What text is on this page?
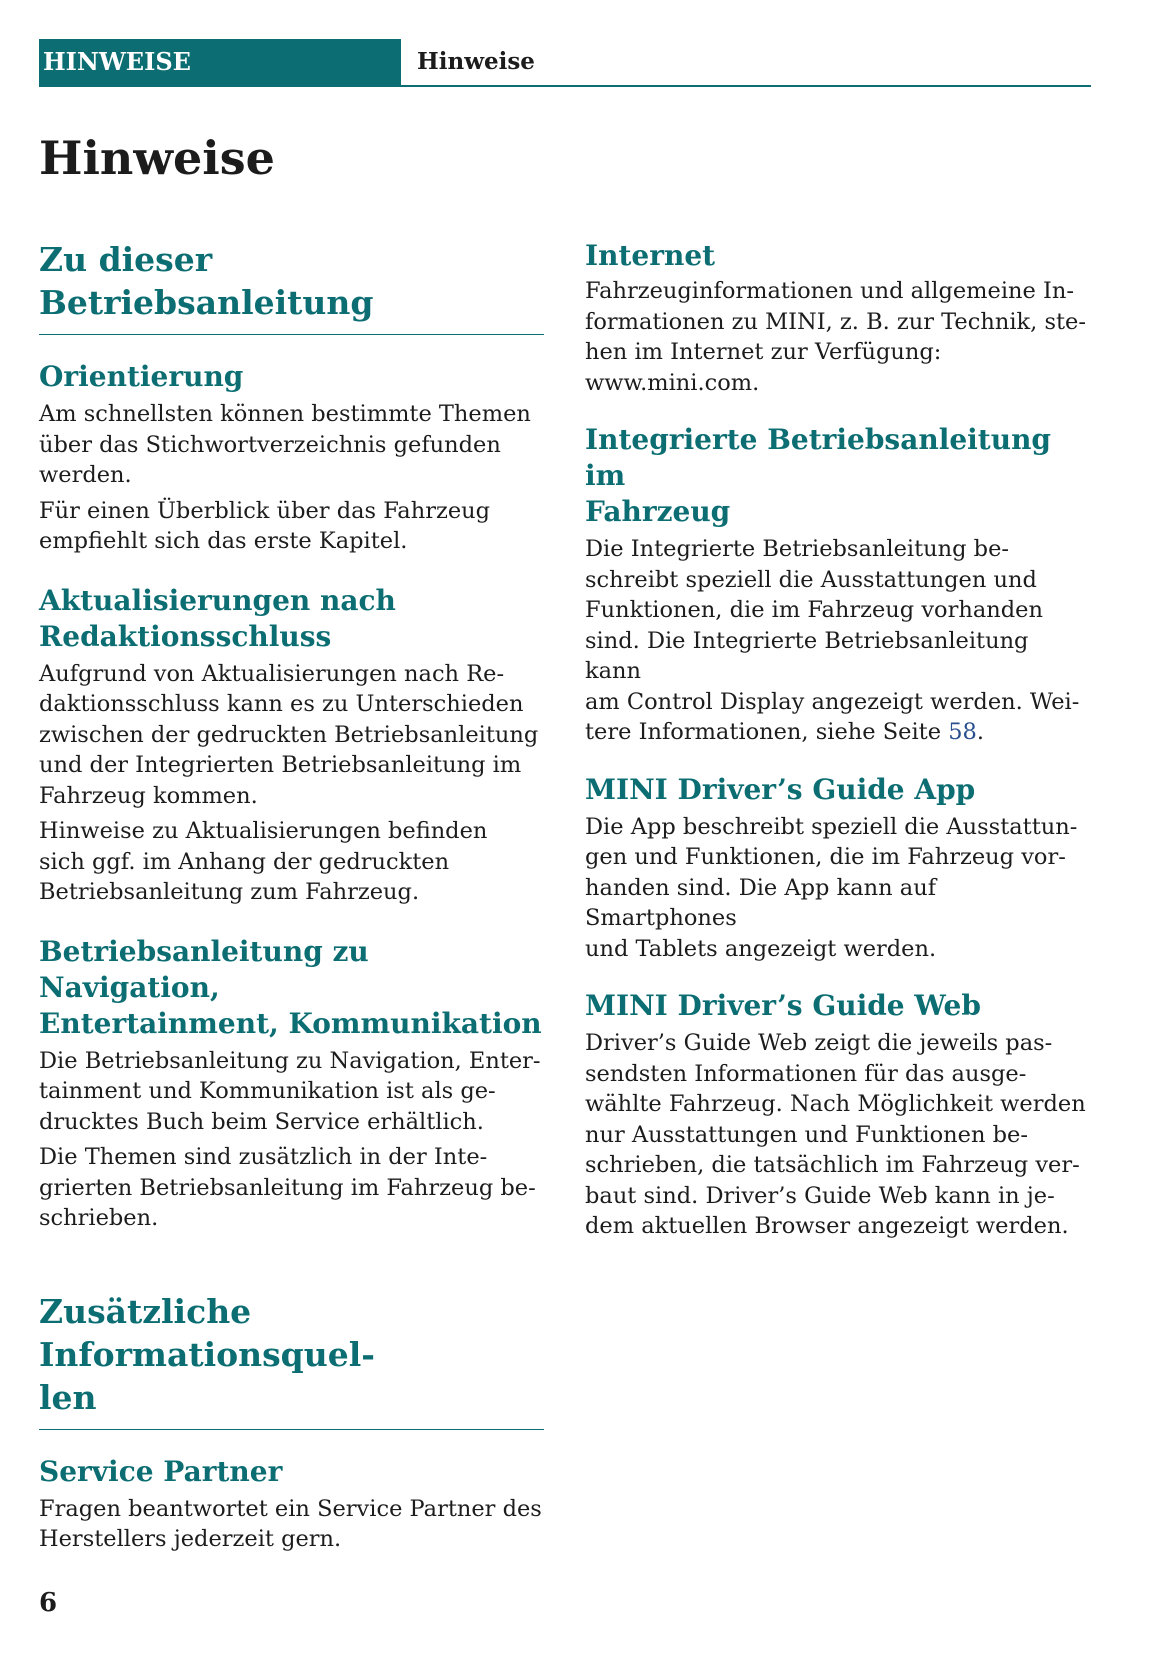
HINWEISE	Hinweise
Hinweise
Zu dieser Betriebsanleitung
Orientierung

Am schnellsten können bestimmte Themen
über das Stichwortverzeichnis gefunden
werden.

Für einen Überblick über das Fahrzeug
empfiehlt sich das erste Kapitel.

Aktualisierungen nach
Redaktionsschluss

Aufgrund von Aktualisierungen nach Re-
daktionsschluss kann es zu Unterschieden
zwischen der gedruckten Betriebsanleitung
und der Integrierten Betriebsanleitung im
Fahrzeug kommen.

Hinweise zu Aktualisierungen befinden
sich ggf. im Anhang der gedruckten
Betriebsanleitung zum Fahrzeug.

Betriebsanleitung zu Navigation,
Entertainment, Kommunikation

Die Betriebsanleitung zu Navigation, Enter-
tainment und Kommunikation ist als ge-
drucktes Buch beim Service erhältlich.

Die Themen sind zusätzlich in der Inte-
grierten Betriebsanleitung im Fahrzeug be-
schrieben.

Zusätzliche Informationsquel-
len
Service Partner

Fragen beantwortet ein Service Partner des
Herstellers jederzeit gern.

Internet

Fahrzeuginformationen und allgemeine In-
formationen zu MINI, z. B. zur Technik, ste-
hen im Internet zur Verfügung:
www.mini.com.

Integrierte Betriebsanleitung im
Fahrzeug

Die Integrierte Betriebsanleitung be-
schreibt speziell die Ausstattungen und
Funktionen, die im Fahrzeug vorhanden
sind. Die Integrierte Betriebsanleitung kann
am Control Display angezeigt werden. Wei-
tere Informationen, siehe Seite 58.

MINI Driver’s Guide App

Die App beschreibt speziell die Ausstattun-
gen und Funktionen, die im Fahrzeug vor-
handen sind. Die App kann auf Smartphones
und Tablets angezeigt werden.

MINI Driver’s Guide Web

Driver’s Guide Web zeigt die jeweils pas-
sendsten Informationen für das ausge-
wählte Fahrzeug. Nach Möglichkeit werden
nur Ausstattungen und Funktionen be-
schrieben, die tatsächlich im Fahrzeug ver-
baut sind. Driver’s Guide Web kann in je-
dem aktuellen Browser angezeigt werden.

6
